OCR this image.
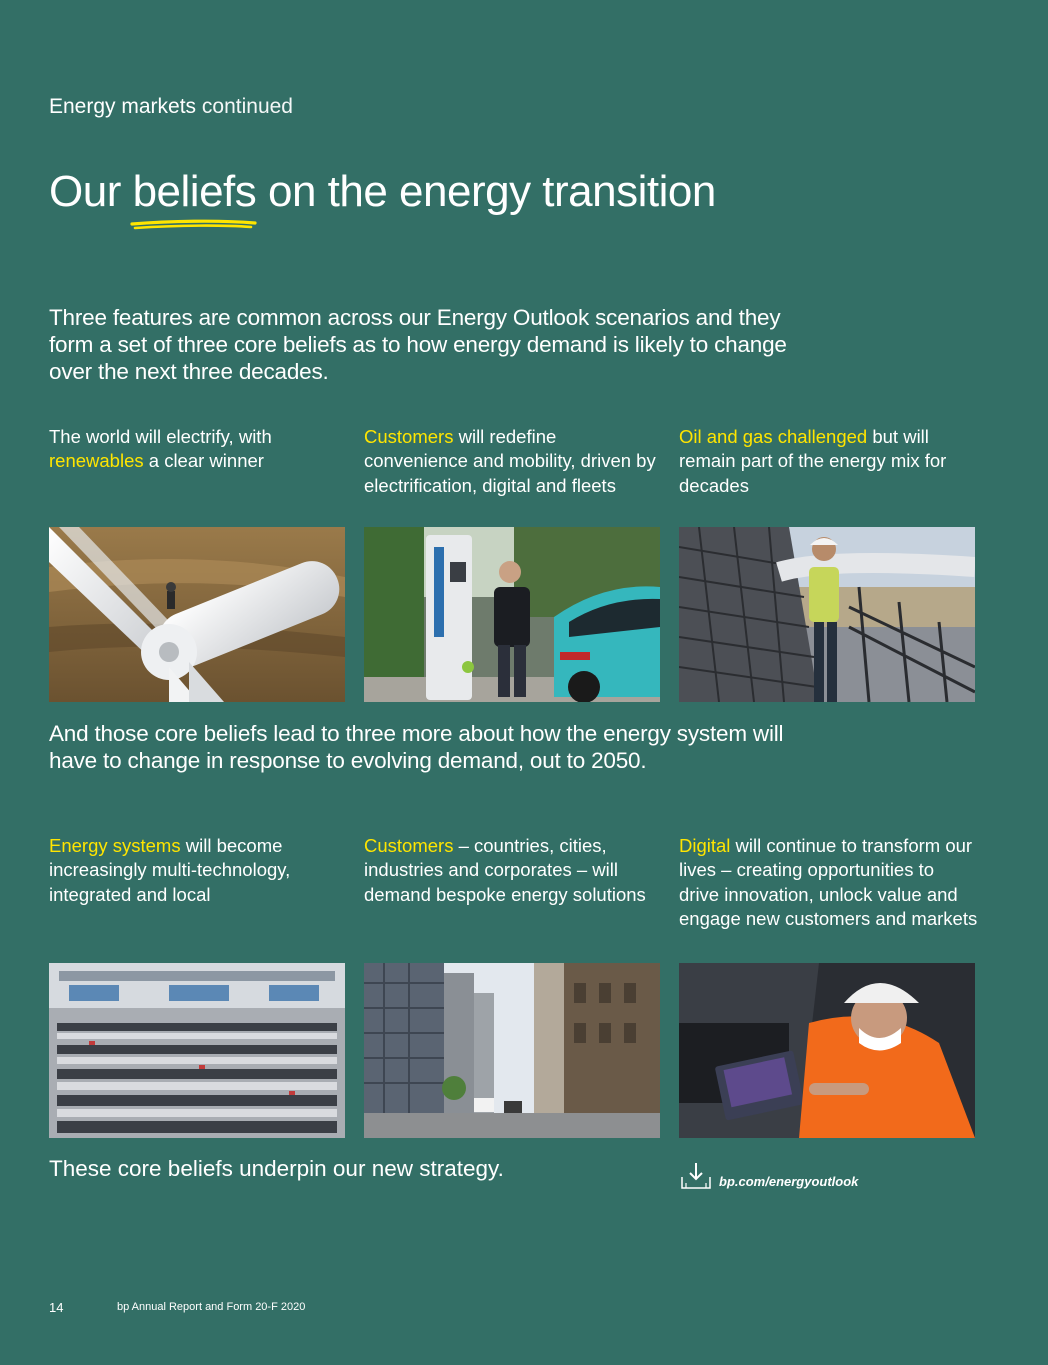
Energy markets continued
Our beliefs
on the energy transition
Three features are common across our Energy Outlook scenarios and they form a set of three core beliefs as to how energy demand is likely to change over the next three decades.
The world will electrify, with renewables a clear winner
Customers will redefine convenience and mobility, driven by electrification, digital and fleets
Oil and gas challenged but will remain part of the energy mix for decades
And those core beliefs lead to three more about how the energy system will have to change in response to evolving demand, out to 2050.
Energy systems will become increasingly multi-technology, integrated and local
Customers – countries, cities, industries and corporates – will demand bespoke energy solutions
Digital will continue to transform our lives – creating opportunities to drive innovation, unlock value and engage new customers and markets
These core beliefs underpin our new strategy.
bp.com/energyoutlook
14	bp Annual Report and Form 20-F 2020
